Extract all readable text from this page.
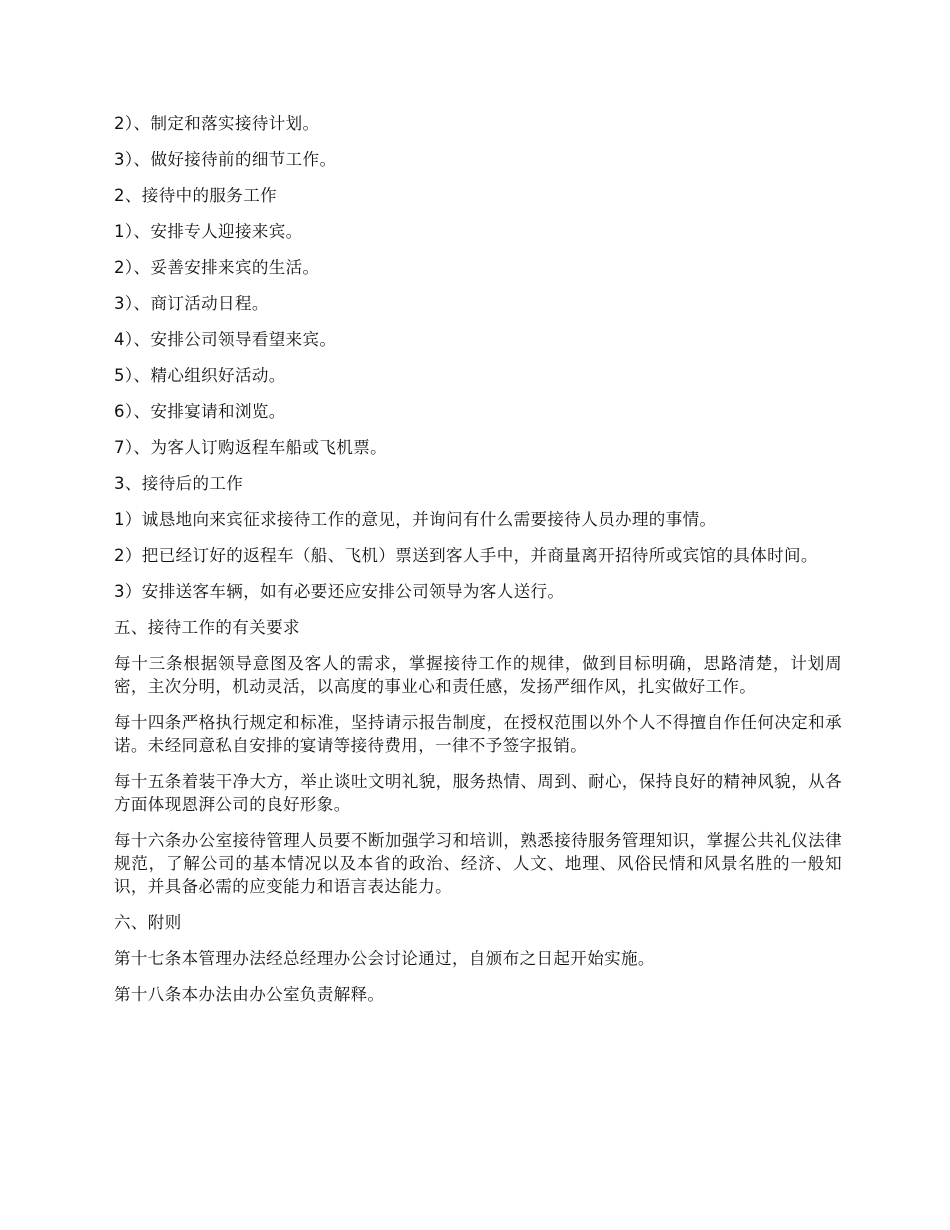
2）、制定和落实接待计划。

3）、做好接待前的细节工作。

2、接待中的服务工作

1）、安排专人迎接来宾。

2）、妥善安排来宾的生活。

3）、商订活动日程。

4）、安排公司领导看望来宾。

5）、精心组织好活动。

6）、安排宴请和浏览。

7）、为客人订购返程车船或飞机票。

3、接待后的工作

1）诚恳地向来宾征求接待工作的意见，并询问有什么需要接待人员办理的事情。

2）把已经订好的返程车（船、飞机）票送到客人手中，并商量离开招待所或宾馆的具体时间。

3）安排送客车辆，如有必要还应安排公司领导为客人送行。

五、接待工作的有关要求

每十三条根据领导意图及客人的需求，掌握接待工作的规律，做到目标明确，思路清楚，计划周密，主次分明，机动灵活，以高度的事业心和责任感，发扬严细作风，扎实做好工作。

每十四条严格执行规定和标准，坚持请示报告制度，在授权范围以外个人不得擅自作任何决定和承诺。未经同意私自安排的宴请等接待费用，一律不予签字报销。

每十五条着装干净大方，举止谈吐文明礼貌，服务热情、周到、耐心，保持良好的精神风貌，从各方面体现恩湃公司的良好形象。

每十六条办公室接待管理人员要不断加强学习和培训，熟悉接待服务管理知识，掌握公共礼仪法律规范，了解公司的基本情况以及本省的政治、经济、人文、地理、风俗民情和风景名胜的一般知识，并具备必需的应变能力和语言表达能力。

六、附则

第十七条本管理办法经总经理办公会讨论通过，自颁布之日起开始实施。

第十八条本办法由办公室负责解释。
